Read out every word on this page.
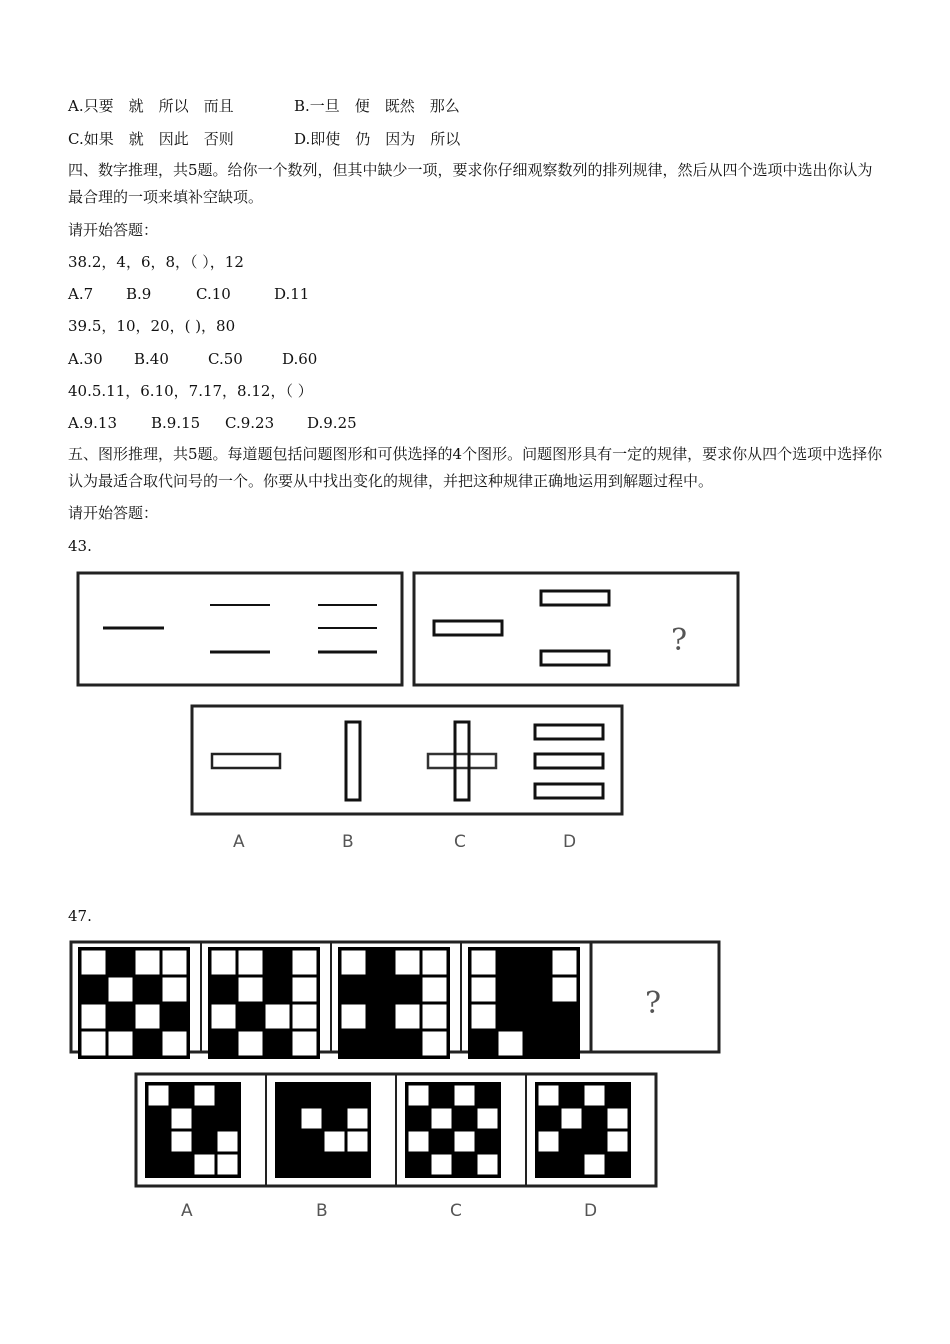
A.只要　就　所以　而且	B.一旦　便　既然　那么
C.如果　就　因此　否则	D.即使　仍　因为　所以
四、数字推理，共5题。给你一个数列，但其中缺少一项，要求你仔细观察数列的排列规律，然后从四个选项中选出你认为最合理的一项来填补空缺项。
请开始答题：
38.2，4，6，8，（ ），12
A.7 B.9	C.10	D.11
39.5，10，20，( )，80
A.30 B.40	C.50	D.60
40.5.11，6.10，7.17，8.12，（ ）
A.9.13 B.9.15 C.9.23 D.9.25
五、图形推理，共5题。每道题包括问题图形和可供选择的4个图形。问题图形具有一定的规律，要求你从四个选项中选择你认为最适合取代问号的一个。你要从中找出变化的规律，并把这种规律正确地运用到解题过程中。
请开始答题：
43.
?
A	B	C	D
47.
?
A	B	C	D
